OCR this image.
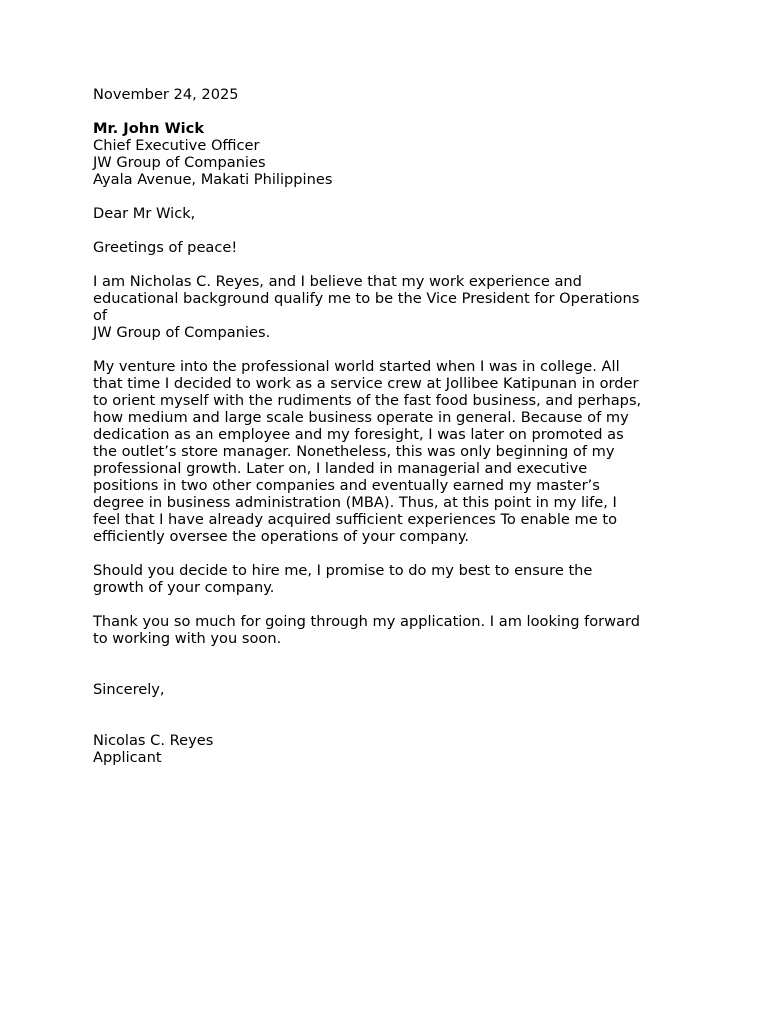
November 24, 2025
Mr. John Wick
Chief Executive Officer
JW Group of Companies
Ayala Avenue, Makati Philippines
Dear Mr Wick,
Greetings of peace!
I am Nicholas C. Reyes, and I believe that my work experience and
educational background qualify me to be the Vice President for Operations
of
JW Group of Companies.
My venture into the professional world started when I was in college. All
that time I decided to work as a service crew at Jollibee Katipunan in order
to orient myself with the rudiments of the fast food business, and perhaps,
how medium and large scale business operate in general. Because of my
dedication as an employee and my foresight, I was later on promoted as
the outlet’s store manager. Nonetheless, this was only beginning of my
professional growth. Later on, I landed in managerial and executive
positions in two other companies and eventually earned my master’s
degree in business administration (MBA). Thus, at this point in my life, I
feel that I have already acquired sufficient experiences To enable me to
efficiently oversee the operations of your company.
Should you decide to hire me, I promise to do my best to ensure the
growth of your company.
Thank you so much for going through my application. I am looking forward
to working with you soon.
Sincerely,
Nicolas C. Reyes
Applicant
